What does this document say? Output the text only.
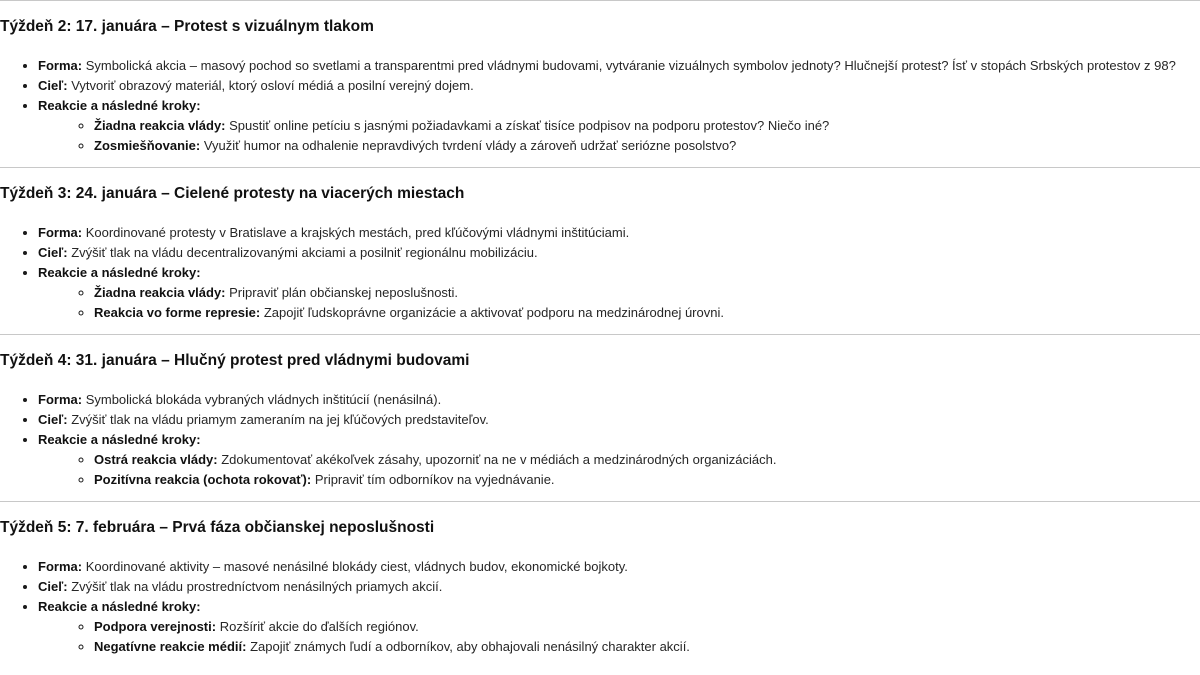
Týždeň 2: 17. januára – Protest s vizuálnym tlakom
• Forma: Symbolická akcia – masový pochod so svetlami a transparentmi pred vládnymi budovami, vytváranie vizuálnych symbolov jednoty? Hlučnejší protest? Ísť v stopách Srbských protestov z 98?
• Cieľ: Vytvoriť obrazový materiál, ktorý osloví médiá a posilní verejný dojem.
• Reakcie a následné kroky:
◦ Žiadna reakcia vlády: Spustiť online petíciu s jasnými požiadavkami a získať tisíce podpisov na podporu protestov? Niečo iné?
◦ Zosmiešňovanie: Využiť humor na odhalenie nepravdivých tvrdení vlády a zároveň udržať seriózne posolstvo?
Týždeň 3: 24. januára – Cielené protesty na viacerých miestach
• Forma: Koordinované protesty v Bratislave a krajských mestách, pred kľúčovými vládnymi inštitúciami.
• Cieľ: Zvýšiť tlak na vládu decentralizovanými akciami a posilniť regionálnu mobilizáciu.
• Reakcie a následné kroky:
◦ Žiadna reakcia vlády: Pripraviť plán občianskej neposlušnosti.
◦ Reakcia vo forme represie: Zapojiť ľudskoprávne organizácie a aktivovať podporu na medzinárodnej úrovni.
Týždeň 4: 31. januára – Hlučný protest pred vládnymi budovami
• Forma: Symbolická blokáda vybraných vládnych inštitúcií (nenásilná).
• Cieľ: Zvýšiť tlak na vládu priamym zameraním na jej kľúčových predstaviteľov.
• Reakcie a následné kroky:
◦ Ostrá reakcia vlády: Zdokumentovať akékoľvek zásahy, upozorniť na ne v médiách a medzinárodných organizáciách.
◦ Pozitívna reakcia (ochota rokovať): Pripraviť tím odborníkov na vyjednávanie.
Týždeň 5: 7. februára – Prvá fáza občianskej neposlušnosti
• Forma: Koordinované aktivity – masové nenásilné blokády ciest, vládnych budov, ekonomické bojkoty.
• Cieľ: Zvýšiť tlak na vládu prostredníctvom nenásilných priamych akcií.
• Reakcie a následné kroky:
◦ Podpora verejnosti: Rozšíriť akcie do ďalších regiónov.
◦ Negatívne reakcie médií: Zapojiť známych ľudí a odborníkov, aby obhajovali nenásilný charakter akcií.
